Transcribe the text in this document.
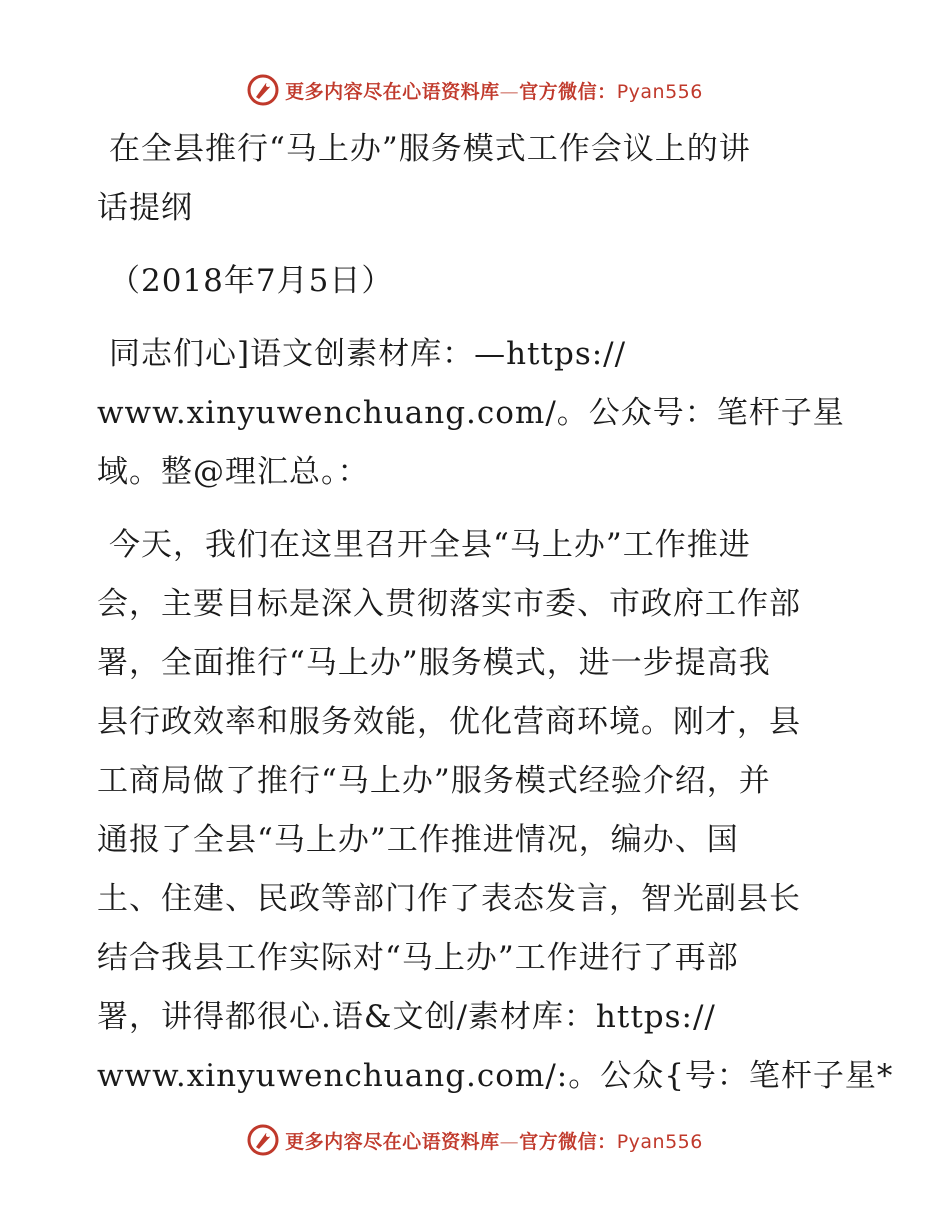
更多内容尽在心语资料库—官方微信：Pyan556
在全县推行“马上办”服务模式工作会议上的讲
话提纲
（2018年7月5日）
同志们心]语文创素材库：—https://
www.xinyuwenchuang.com/。公众号：笔杆子星
域。整@理汇总。：
今天，我们在这里召开全县“马上办”工作推进
会，主要目标是深入贯彻落实市委、市政府工作部
署，全面推行“马上办”服务模式，进一步提高我
县行政效率和服务效能，优化营商环境。刚才，县
工商局做了推行“马上办”服务模式经验介绍，并
通报了全县“马上办”工作推进情况，编办、国
土、住建、民政等部门作了表态发言，智光副县长
结合我县工作实际对“马上办”工作进行了再部
署，讲得都很心.语&文创/素材库：https://
www.xinyuwenchuang.com/:。公众{号：笔杆子星*
更多内容尽在心语资料库—官方微信：Pyan556
